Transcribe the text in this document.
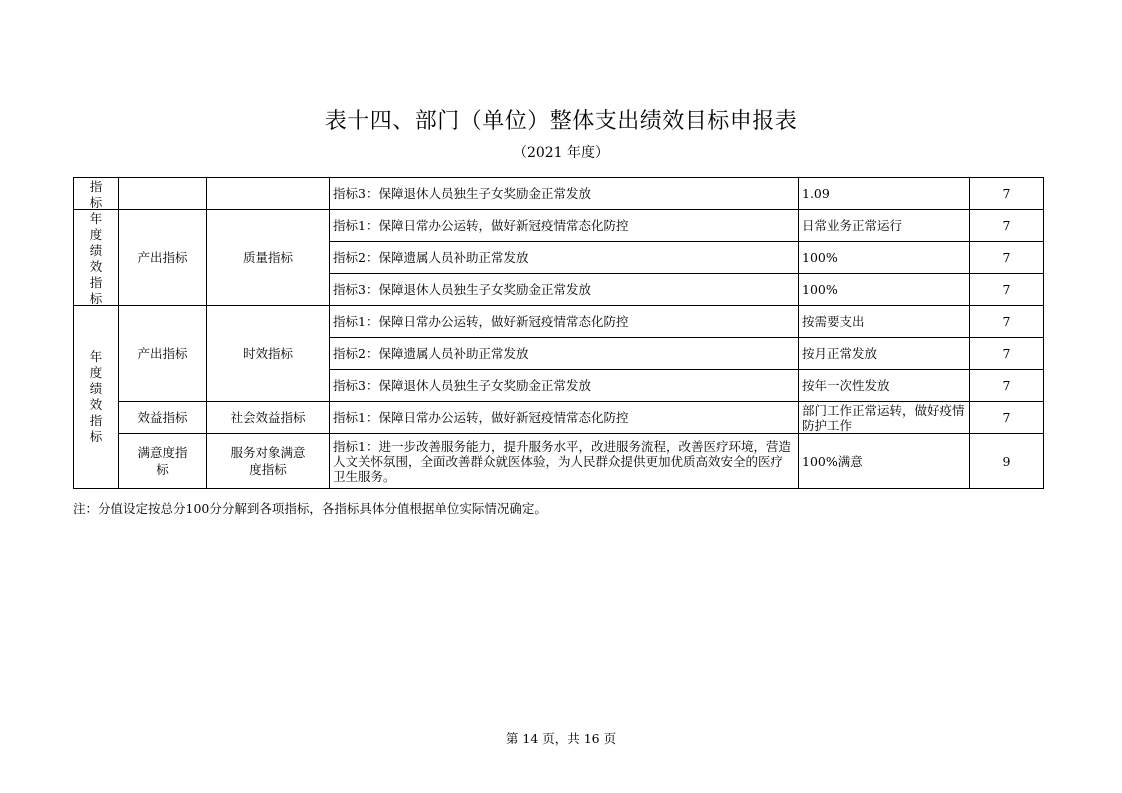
表十四、部门（单位）整体支出绩效目标申报表
（2021 年度）
指标			指标3：保障退休人员独生子女奖励金正常发放	1.09	7

年度绩效指标	产出指标	质量指标	指标1：保障日常办公运转，做好新冠疫情常态化防控	日常业务正常运行	7
			指标2：保障遗属人员补助正常发放	100%	7
			指标3：保障退休人员独生子女奖励金正常发放	100%	7
年度绩效指标	产出指标	时效指标	指标1：保障日常办公运转，做好新冠疫情常态化防控	按需要支出	7
			指标2：保障遗属人员补助正常发放	按月正常发放	7
			指标3：保障退休人员独生子女奖励金正常发放	按年一次性发放	7
	效益指标	社会效益指标	指标1：保障日常办公运转，做好新冠疫情常态化防控	部门工作正常运转，做好疫情防护工作	7
	满意度指标	服务对象满意度指标	指标1：进一步改善服务能力，提升服务水平，改进服务流程，改善医疗环境，营造人文关怀氛围，全面改善群众就医体验，为人民群众提供更加优质高效安全的医疗卫生服务。	100%满意	9
注：分值设定按总分100分分解到各项指标，各指标具体分值根据单位实际情况确定。
第 14 页，共 16 页
